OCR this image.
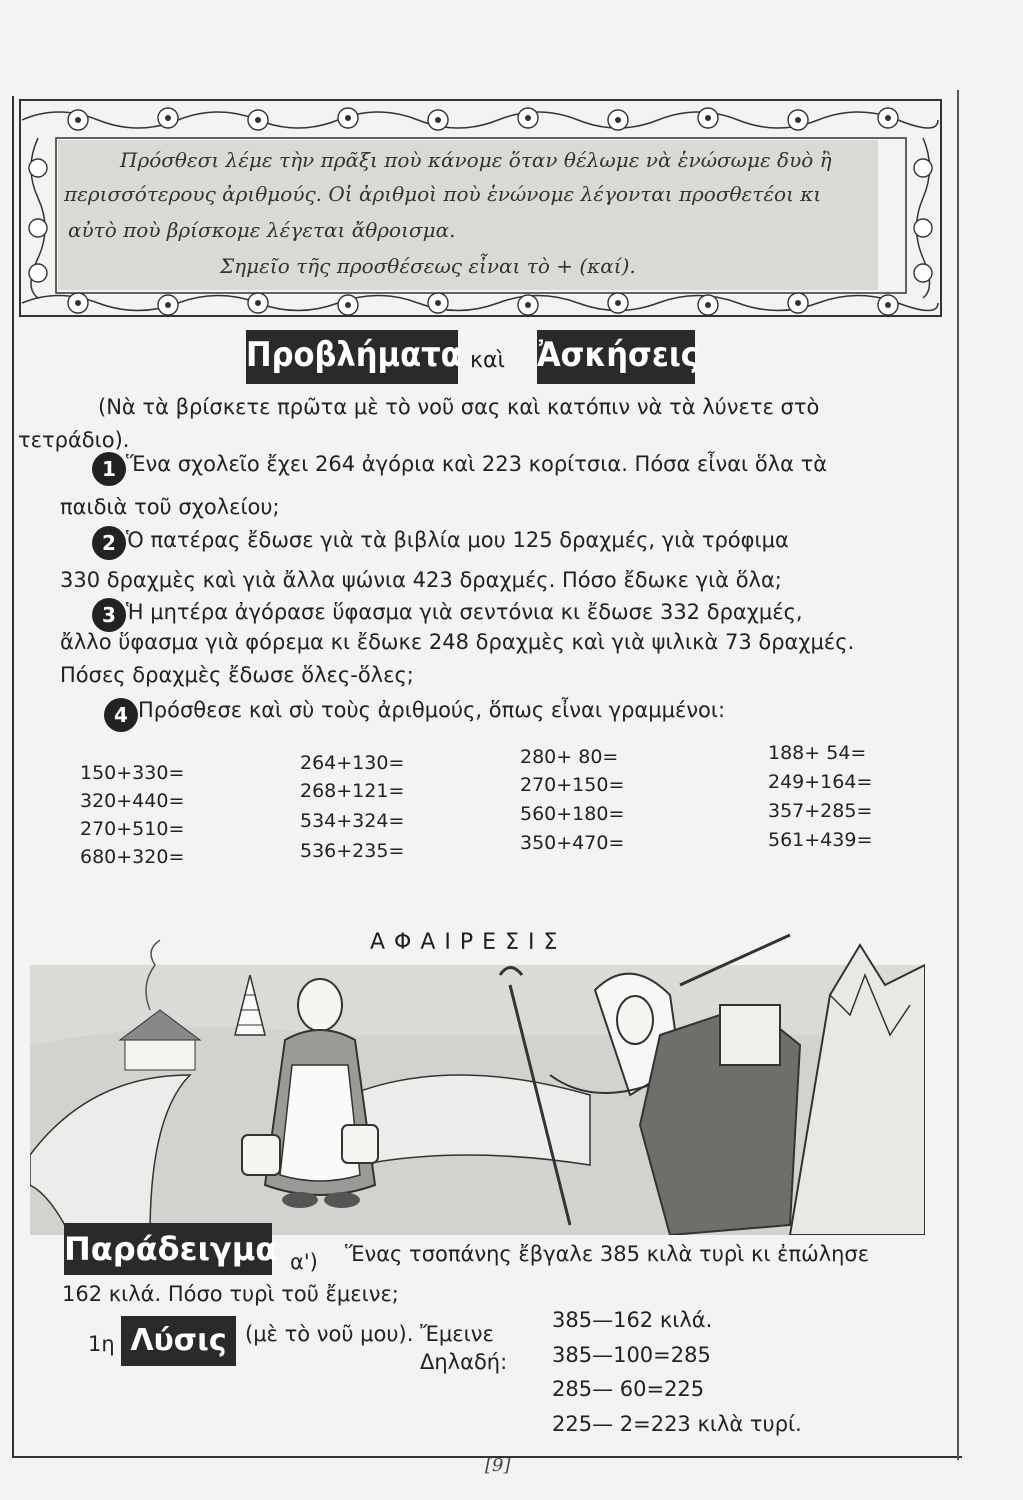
Πρόσθεσι λέμε τὴν πρᾶξι ποὺ κάνομε ὅταν θέλωμε νὰ ἑνώσωμε δυὸ ἢ

περισσότερους ἀριθμούς. Οἱ ἀριθμοὶ ποὺ ἑνώνομε λέγονται προσθετέοι κι

αὐτὸ ποὺ βρίσκομε λέγεται ἄθροισμα.

Σημεῖο τῆς προσθέσεως εἶναι τὸ + (καί).

Προβλήματα καὶ Ἀσκήσεις
(Νὰ τὰ βρίσκετε πρῶτα μὲ τὸ νοῦ σας καὶ κατόπιν νὰ τὰ λύνετε στὸ
τετράδιο).
1 Ἕνα σχολεῖο ἔχει 264 ἀγόρια καὶ 223 κορίτσια. Πόσα εἶναι ὅλα τὰ
παιδιὰ τοῦ σχολείου;
2 Ὁ πατέρας ἔδωσε γιὰ τὰ βιβλία μου 125 δραχμές, γιὰ τρόφιμα
330 δραχμὲς καὶ γιὰ ἄλλα ψώνια 423 δραχμές. Πόσο ἔδωκε γιὰ ὅλα;
3 Ἡ μητέρα ἀγόρασε ὕφασμα γιὰ σεντόνια κι ἔδωσε 332 δραχμές,
ἄλλο ὕφασμα γιὰ φόρεμα κι ἔδωκε 248 δραχμὲς καὶ γιὰ ψιλικὰ 73 δραχμές.
Πόσες δραχμὲς ἔδωσε ὅλες-ὅλες;
4 Πρόσθεσε καὶ σὺ τοὺς ἀριθμούς, ὅπως εἶναι γραμμένοι:
150+330=
320+440=
270+510=
680+320=
264+130=
268+121=
534+324=
536+235=
280+ 80=
270+150=
560+180=
350+470=
188+ 54=
249+164=
357+285=
561+439=
ΑΦΑΙΡΕΣΙΣ
Παράδειγμα α') Ἕνας τσοπάνης ἔβγαλε 385 κιλὰ τυρὶ κι ἐπώλησε
162 κιλά. Πόσο τυρὶ τοῦ ἔμεινε;
1η Λύσις (μὲ τὸ νοῦ μου). Ἔμεινε
385—162 κιλά.
Δηλαδή: 385—100=285
285— 60=225
225— 2=223 κιλὰ τυρί.
[9]
